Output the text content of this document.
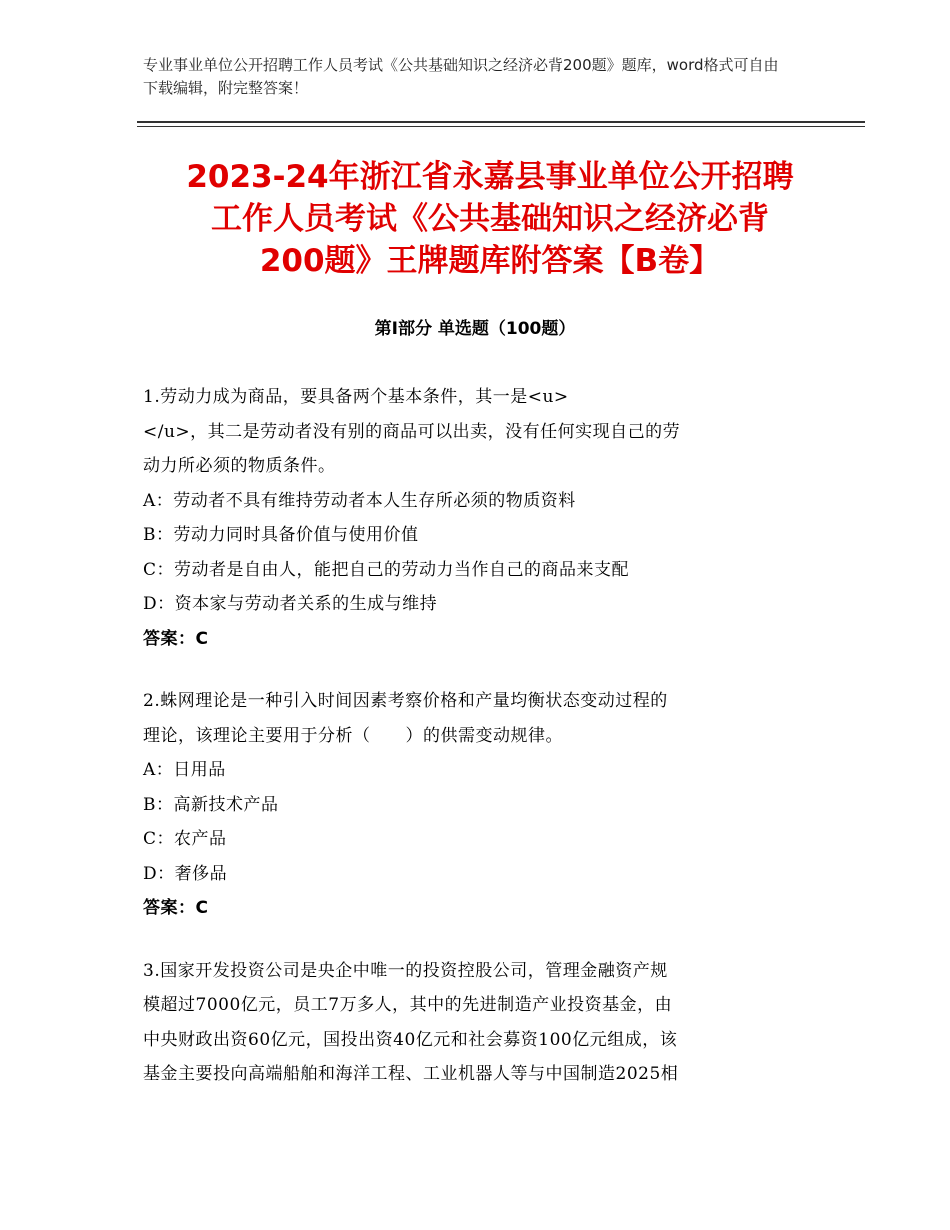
专业事业单位公开招聘工作人员考试《公共基础知识之经济必背200题》题库，word格式可自由下载编辑，附完整答案！
2023-24年浙江省永嘉县事业单位公开招聘
工作人员考试《公共基础知识之经济必背
200题》王牌题库附答案【B卷】
第Ⅰ部分 单选题（100题）
1.劳动力成为商品，要具备两个基本条件，其一是<u>
</u>，其二是劳动者没有别的商品可以出卖，没有任何实现自己的劳
动力所必须的物质条件。
A：劳动者不具有维持劳动者本人生存所必须的物质资料
B：劳动力同时具备价值与使用价值
C：劳动者是自由人，能把自己的劳动力当作自己的商品来支配
D：资本家与劳动者关系的生成与维持
答案：C
2.蛛网理论是一种引入时间因素考察价格和产量均衡状态变动过程的
理论，该理论主要用于分析（　　）的供需变动规律。
A：日用品
B：高新技术产品
C：农产品
D：奢侈品
答案：C
3.国家开发投资公司是央企中唯一的投资控股公司，管理金融资产规
模超过7000亿元，员工7万多人，其中的先进制造产业投资基金，由
中央财政出资60亿元，国投出资40亿元和社会募资100亿元组成，该
基金主要投向高端船舶和海洋工程、工业机器人等与中国制造2025相
